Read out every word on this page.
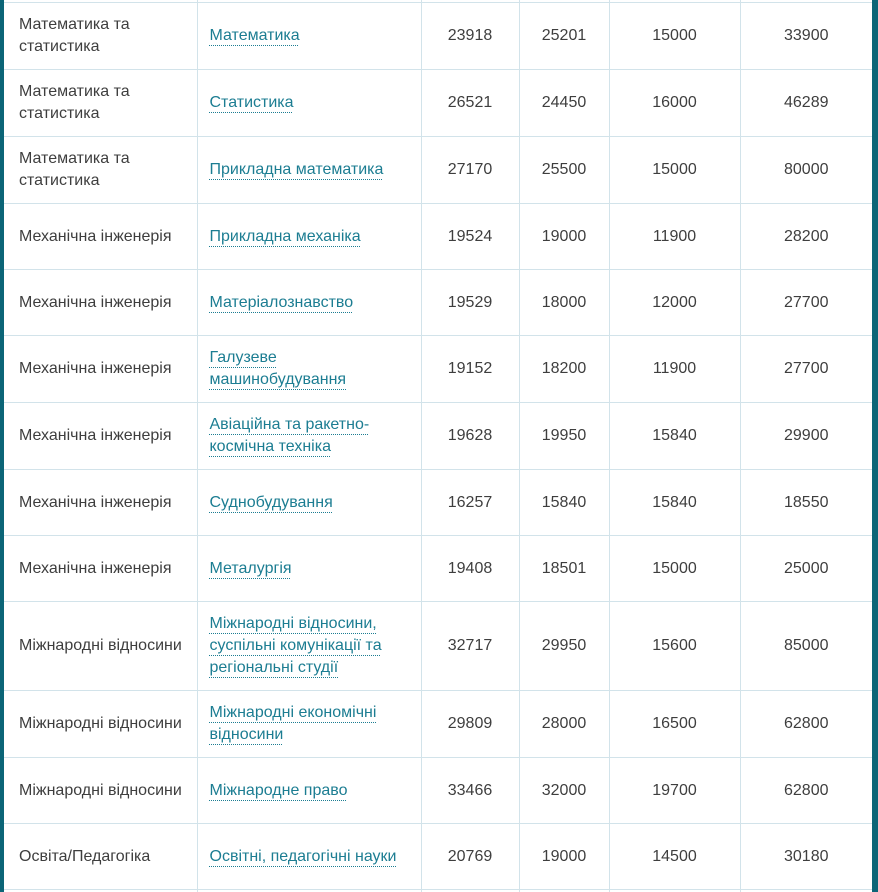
Математика та статистика	Математика	23918	25201	15000	33900
Математика та статистика	Статистика	26521	24450	16000	46289
Математика та статистика	Прикладна математика	27170	25500	15000	80000
Механічна інженерія	Прикладна механіка	19524	19000	11900	28200
Механічна інженерія	Матеріалознавство	19529	18000	12000	27700
Механічна інженерія	Галузеве машинобудування	19152	18200	11900	27700
Механічна інженерія	Авіаційна та ракетно-космічна техніка	19628	19950	15840	29900
Механічна інженерія	Суднобудування	16257	15840	15840	18550
Механічна інженерія	Металургія	19408	18501	15000	25000
Міжнародні відносини	Міжнародні відносини, суспільні комунікації та регіональні студії	32717	29950	15600	85000
Міжнародні відносини	Міжнародні економічні відносини	29809	28000	16500	62800
Міжнародні відносини	Міжнародне право	33466	32000	19700	62800
Освіта/Педагогіка	Освітні, педагогічні науки	20769	19000	14500	30180
